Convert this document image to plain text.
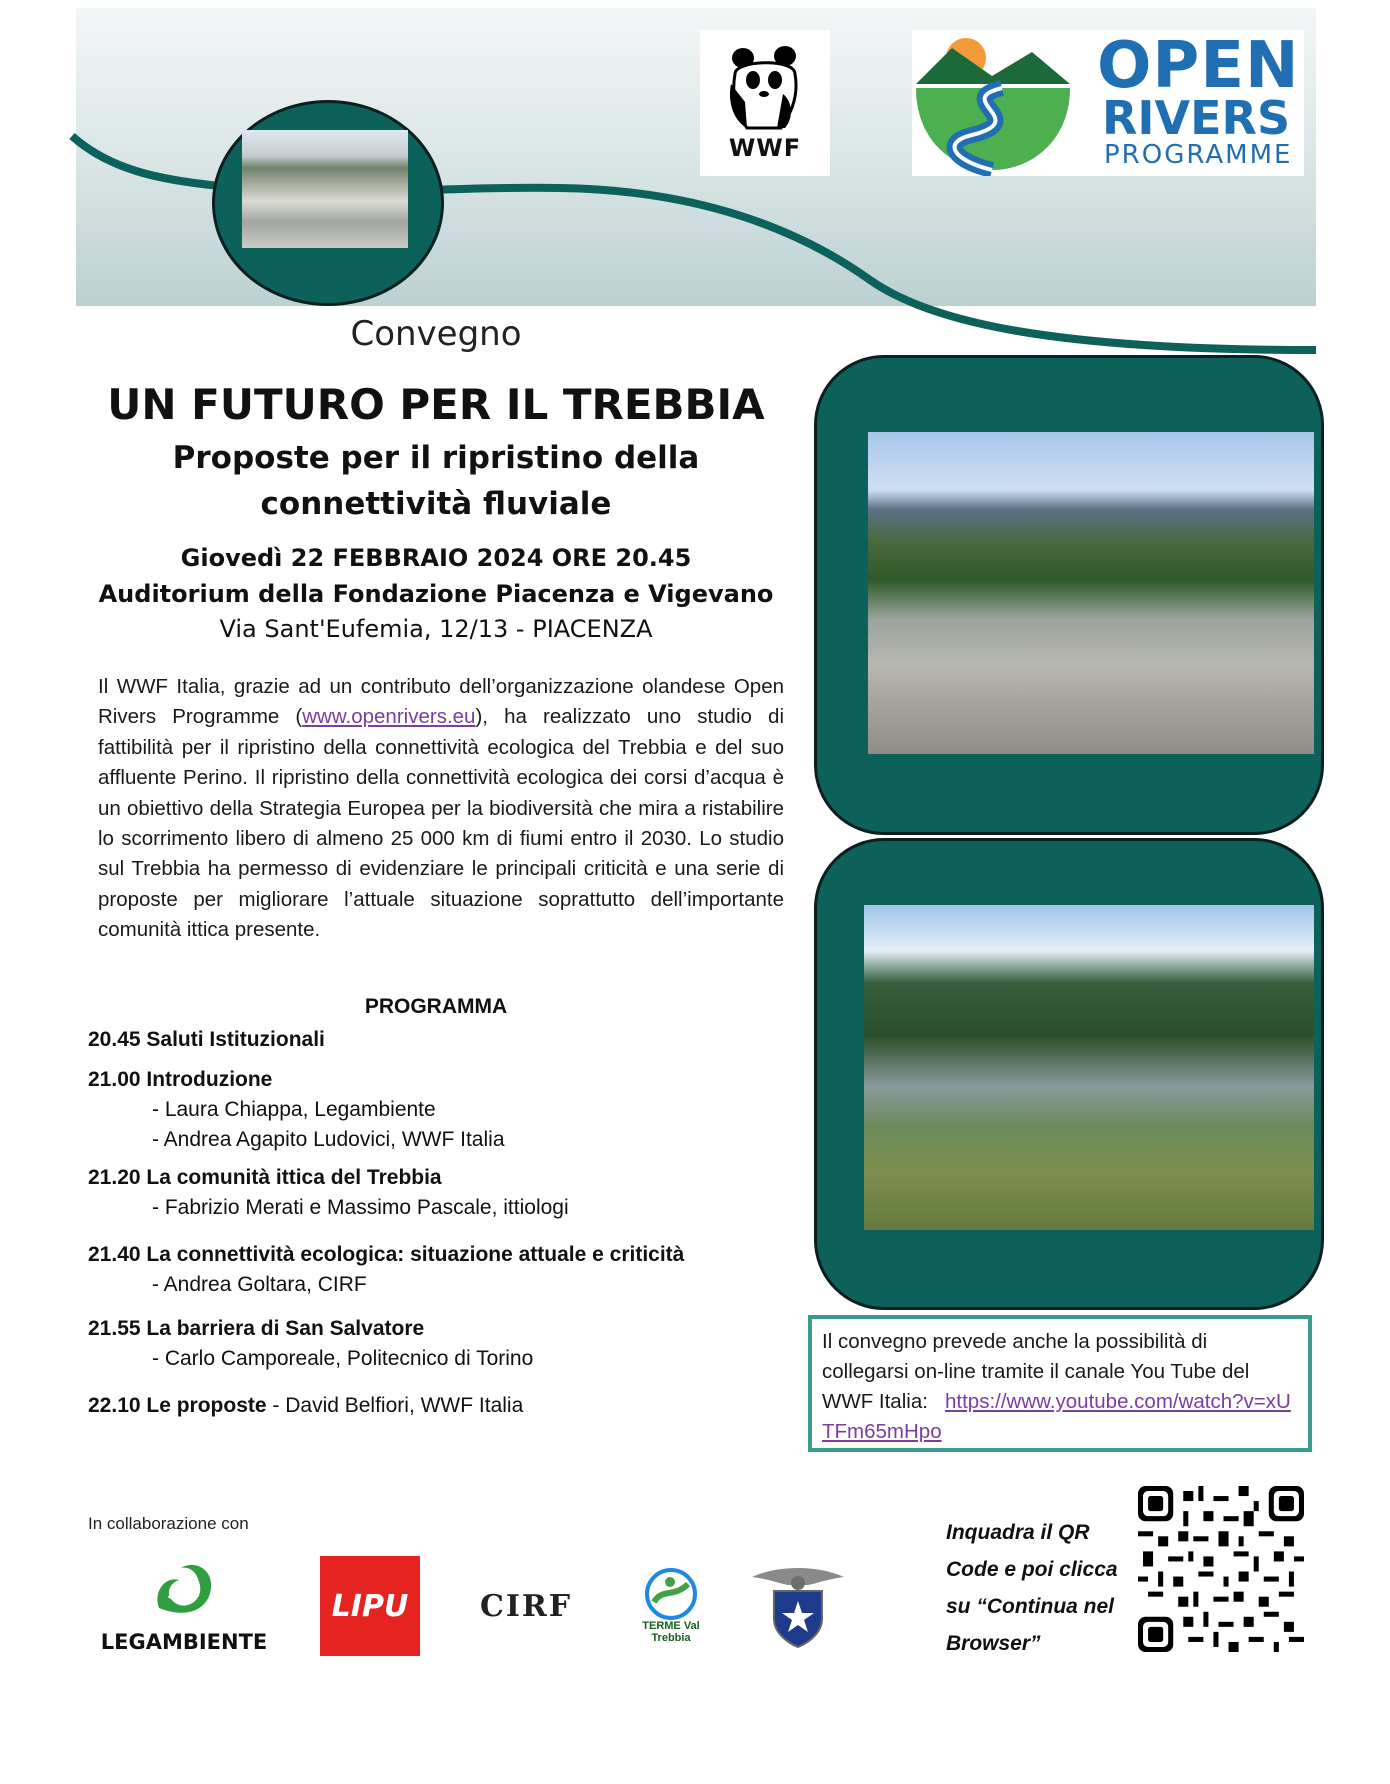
WWF
OPEN
RIVERS
PROGRAMME
Convegno
UN FUTURO PER IL TREBBIA
Proposte per il ripristino della
connettività fluviale
Giovedì 22 FEBBRAIO 2024 ORE 20.45
Auditorium della Fondazione Piacenza e Vigevano
Via Sant'Eufemia, 12/13 - PIACENZA
Il WWF Italia, grazie ad un contributo dell’organizzazione olandese Open Rivers Programme (www.openrivers.eu), ha realizzato uno studio di fattibilità per il ripristino della connettività ecologica del Trebbia e del suo affluente Perino. Il ripristino della connettività ecologica dei corsi d’acqua è un obiettivo della Strategia Europea per la biodiversità che mira a ristabilire lo scorrimento libero di almeno 25 000 km di fiumi entro il 2030. Lo studio sul Trebbia ha permesso di evidenziare le principali criticità e una serie di proposte per migliorare l’attuale situazione soprattutto dell’importante comunità ittica presente.
PROGRAMMA
20.45 Saluti Istituzionali
21.00 Introduzione
- Laura Chiappa, Legambiente
- Andrea Agapito Ludovici, WWF Italia
21.20 La comunità ittica del Trebbia
- Fabrizio Merati e Massimo Pascale, ittiologi
21.40 La connettività ecologica: situazione attuale e criticità
- Andrea Goltara, CIRF
21.55 La barriera di San Salvatore
- Carlo Camporeale, Politecnico di Torino
22.10 Le proposte - David Belfiori, WWF Italia
Il convegno prevede anche la possibilità di collegarsi on-line tramite il canale You Tube del WWF Italia: https://www.youtube.com/watch?v=xUTFm65mHpo
In collaborazione con
LEGAMBIENTE
LIPU CIRF
TERME Val Trebbia
Inquadra il QR Code e poi clicca su “Continua nel Browser”
